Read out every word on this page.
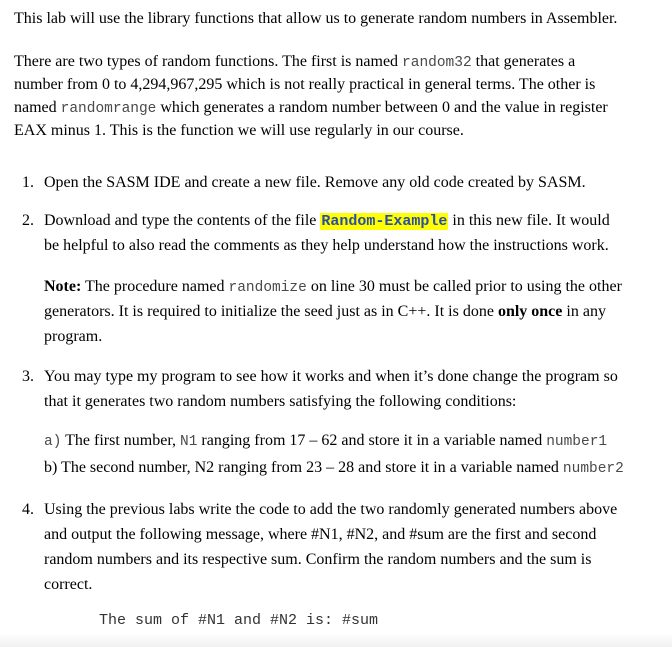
This lab will use the library functions that allow us to generate random numbers in Assembler.
There are two types of random functions. The first is named random32 that generates a
number from 0 to 4,294,967,295 which is not really practical in general terms. The other is
named randomrange which generates a random number between 0 and the value in register
EAX minus 1. This is the function we will use regularly in our course.
1. Open the SASM IDE and create a new file. Remove any old code created by SASM.
2. Download and type the contents of the file Random-Example in this new file. It would
be helpful to also read the comments as they help understand how the instructions work.
Note: The procedure named randomize on line 30 must be called prior to using the other
generators. It is required to initialize the seed just as in C++. It is done only once in any
program.
3. You may type my program to see how it works and when it’s done change the program so
that it generates two random numbers satisfying the following conditions:
a) The first number, N1 ranging from 17 – 62 and store it in a variable named number1
b) The second number, N2 ranging from 23 – 28 and store it in a variable named number2
4. Using the previous labs write the code to add the two randomly generated numbers above
and output the following message, where #N1, #N2, and #sum are the first and second
random numbers and its respective sum. Confirm the random numbers and the sum is
correct.
The sum of #N1 and #N2 is: #sum
